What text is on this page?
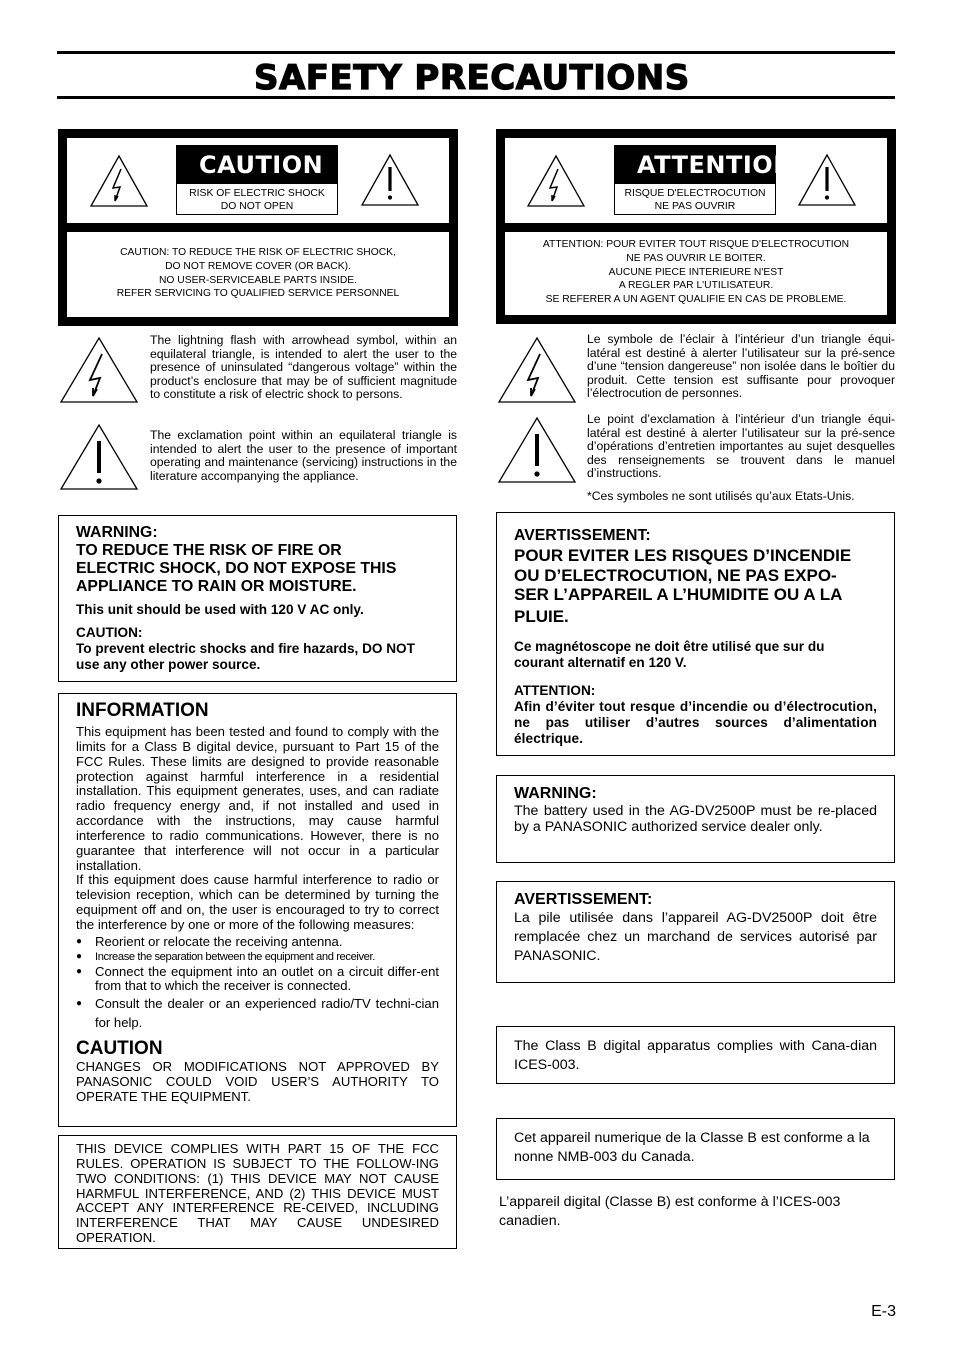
SAFETY PRECAUTIONS
CAUTION
RISK OF ELECTRIC SHOCK
DO NOT OPEN
CAUTION: TO REDUCE THE RISK OF ELECTRIC SHOCK,
DO NOT REMOVE COVER (OR BACK).
NO USER-SERVICEABLE PARTS INSIDE.
REFER SERVICING TO QUALIFIED SERVICE PERSONNEL
ATTENTION
RISQUE D'ELECTROCUTION
NE PAS OUVRIR
ATTENTION: POUR EVITER TOUT RISQUE D'ELECTROCUTION
NE PAS OUVRIR LE BOITER.
AUCUNE PIECE INTERIEURE N'EST
A REGLER PAR L'UTILISATEUR.
SE REFERER A UN AGENT QUALIFIE EN CAS DE PROBLEME.
The lightning flash with arrowhead symbol, within an equilateral triangle, is intended to alert the user to the presence of uninsulated “dangerous voltage” within the product’s enclosure that may be of sufficient magnitude to constitute a risk of electric shock to persons.
The exclamation point within an equilateral triangle is intended to alert the user to the presence of important operating and maintenance (servicing) instructions in the literature accompanying the appliance.
Le symbole de l’éclair à l’intérieur d’un triangle équi-latéral est destiné à alerter l’utilisateur sur la pré-sence d’une “tension dangereuse” non isolée dans le boîtier du produit. Cette tension est suffisante pour provoquer l’électrocution de personnes.
Le point d’exclamation à l’intérieur d’un triangle équi-latéral est destiné à alerter l’utilisateur sur la pré-sence d’opérations d’entretien importantes au sujet desquelles des renseignements se trouvent dans le manuel d’instructions.
*Ces symboles ne sont utilisés qu’aux Etats-Unis.
WARNING:
TO REDUCE THE RISK OF FIRE OR
ELECTRIC SHOCK, DO NOT EXPOSE THIS
APPLIANCE TO RAIN OR MOISTURE.
This unit should be used with 120 V AC only.
CAUTION:
To prevent electric shocks and fire hazards, DO NOT use any other power source.
AVERTISSEMENT:
POUR EVITER LES RISQUES D’INCENDIE
OU D’ELECTROCUTION, NE PAS EXPO-
SER L’APPAREIL A L’HUMIDITE OU A LA
PLUIE.
Ce magnétoscope ne doit être utilisé que sur du courant alternatif en 120 V.
ATTENTION:
Afin d’éviter tout resque d’incendie ou d’électrocution, ne pas utiliser d’autres sources d’alimentation électrique.
INFORMATION
This equipment has been tested and found to comply with the limits for a Class B digital device, pursuant to Part 15 of the FCC Rules. These limits are designed to provide reasonable protection against harmful interference in a residential installation. This equipment generates, uses, and can radiate radio frequency energy and, if not installed and used in accordance with the instructions, may cause harmful interference to radio communications. However, there is no guarantee that interference will not occur in a particular installation.
If this equipment does cause harmful interference to radio or television reception, which can be determined by turning the equipment off and on, the user is encouraged to try to correct the interference by one or more of the following measures:
● Reorient or relocate the receiving antenna.
● Increase the separation between the equipment and receiver.
● Connect the equipment into an outlet on a circuit differ-ent from that to which the receiver is connected.
● Consult the dealer or an experienced radio/TV techni-cian for help.
CAUTION
CHANGES OR MODIFICATIONS NOT APPROVED BY PANASONIC COULD VOID USER’S AUTHORITY TO OPERATE THE EQUIPMENT.
THIS DEVICE COMPLIES WITH PART 15 OF THE FCC RULES. OPERATION IS SUBJECT TO THE FOLLOW-ING TWO CONDITIONS: (1) THIS DEVICE MAY NOT CAUSE HARMFUL INTERFERENCE, AND (2) THIS DEVICE MUST ACCEPT ANY INTERFERENCE RE-CEIVED, INCLUDING INTERFERENCE THAT MAY CAUSE UNDESIRED OPERATION.
WARNING:
The battery used in the AG-DV2500P must be re-placed by a PANASONIC authorized service dealer only.
AVERTISSEMENT:
La pile utilisée dans l’appareil AG-DV2500P doit être remplacée chez un marchand de services autorisé par PANASONIC.
The Class B digital apparatus complies with Cana-dian ICES-003.
Cet appareil numerique de la Classe B est conforme a la nonne NMB-003 du Canada.
L’appareil digital (Classe B) est conforme à l’ICES-003 canadien.
E-3
